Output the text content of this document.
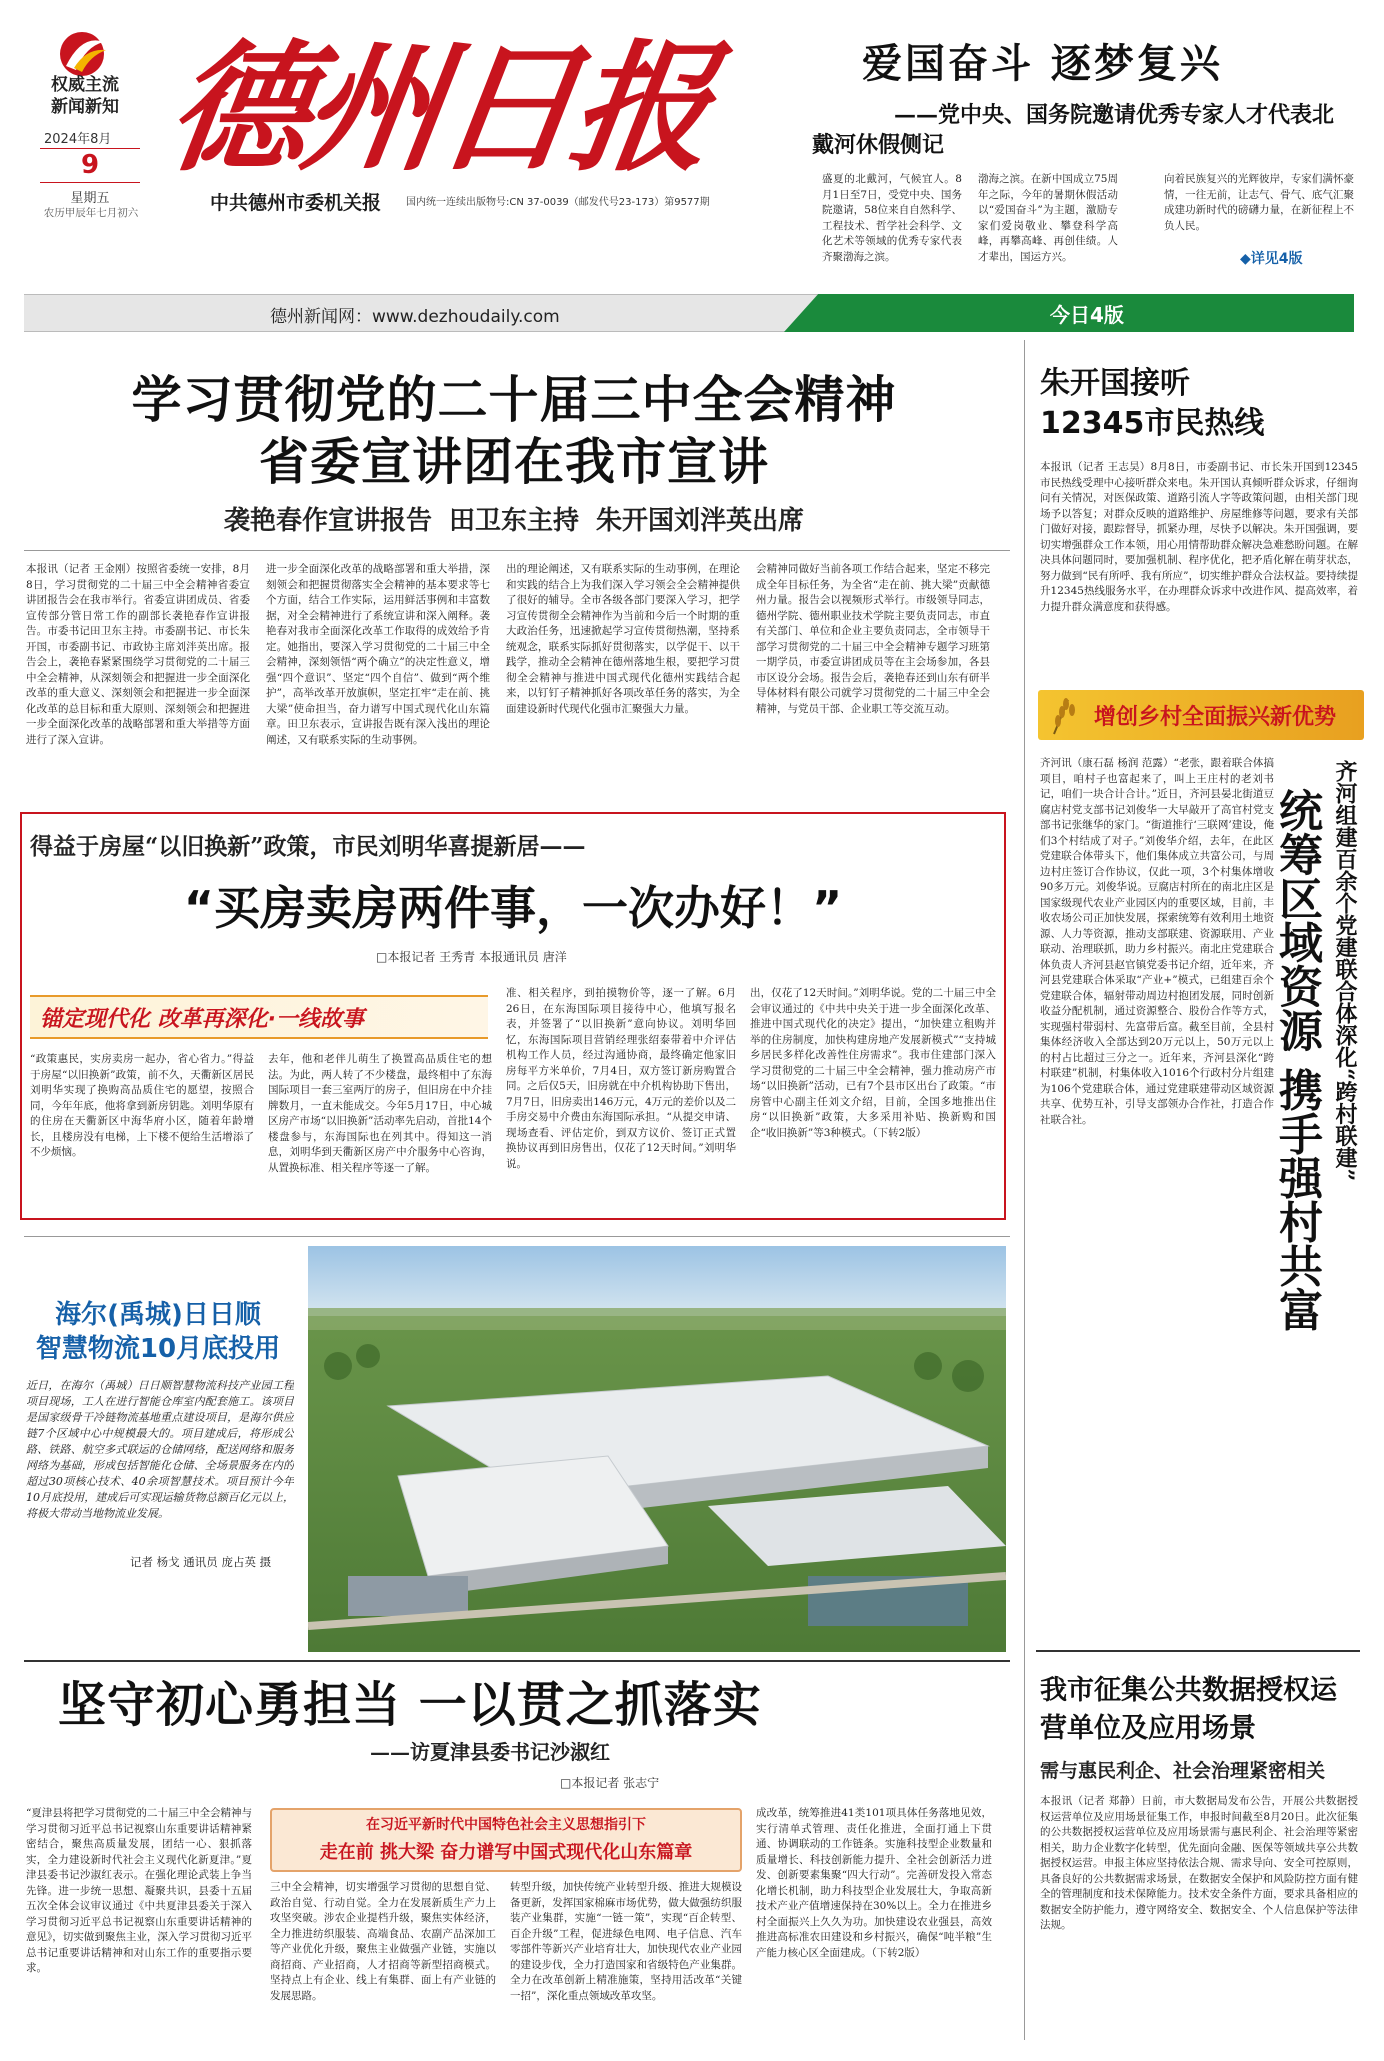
权威主流
新闻新知
2024年8月
9
星期五
农历甲辰年七月初六
德州日报
中共德州市委机关报 国内统一连续出版物号:CN 37-0039（邮发代号23-173）第9577期
爱国奋斗 逐梦复兴
——党中央、国务院邀请优秀专家人才代表北戴河休假侧记
盛夏的北戴河，气候宜人。8月1日至7日，受党中央、国务院邀请，58位来自自然科学、工程技术、哲学社会科学、文化艺术等领域的优秀专家代表齐聚渤海之滨。
渤海之滨。在新中国成立75周年之际，今年的暑期休假活动以“爱国奋斗”为主题，激励专家们爱岗敬业、攀登科学高峰，再攀高峰、再创佳绩。人才辈出，国运方兴。
向着民族复兴的光辉彼岸，专家们满怀豪情，一往无前，让志气、骨气、底气汇聚成建功新时代的磅礴力量，在新征程上不负人民。
◆详见4版
德州新闻网：www.dezhoudaily.com	今日4版
学习贯彻党的二十届三中全会精神
省委宣讲团在我市宣讲
袭艳春作宣讲报告 田卫东主持 朱开国刘泮英出席
本报讯（记者 王金刚）按照省委统一安排，8月8日，学习贯彻党的二十届三中全会精神省委宣讲团报告会在我市举行。省委宣讲团成员、省委宣传部分管日常工作的副部长袭艳春作宣讲报告。市委书记田卫东主持。市委副书记、市长朱开国，市委副书记、市政协主席刘泮英出席。报告会上，袭艳春紧紧围绕学习贯彻党的二十届三中全会精神，从深刻领会和把握进一步全面深化改革的重大意义、深刻领会和把握进一步全面深化改革的总目标和重大原则、深刻领会和把握进一步全面深化改革的战略部署和重大举措等方面进行了深入宣讲。
进一步全面深化改革的战略部署和重大举措，深刻领会和把握贯彻落实全会精神的基本要求等七个方面，结合工作实际，运用鲜活事例和丰富数据，对全会精神进行了系统宣讲和深入阐释。袭艳春对我市全面深化改革工作取得的成效给予肯定。她指出，要深入学习贯彻党的二十届三中全会精神，深刻领悟“两个确立”的决定性意义，增强“四个意识”、坚定“四个自信”、做到“两个维护”，高举改革开放旗帜，坚定扛牢“走在前、挑大梁”使命担当，奋力谱写中国式现代化山东篇章。田卫东表示，宣讲报告既有深入浅出的理论阐述，又有联系实际的生动事例。
出的理论阐述，又有联系实际的生动事例，在理论和实践的结合上为我们深入学习领会全会精神提供了很好的辅导。全市各级各部门要深入学习，把学习宣传贯彻全会精神作为当前和今后一个时期的重大政治任务，迅速掀起学习宣传贯彻热潮，坚持系统观念，联系实际抓好贯彻落实，以学促干、以干践学，推动全会精神在德州落地生根，要把学习贯彻全会精神与推进中国式现代化德州实践结合起来，以钉钉子精神抓好各项改革任务的落实，为全面建设新时代现代化强市汇聚强大力量。
会精神同做好当前各项工作结合起来，坚定不移完成全年目标任务，为全省“走在前、挑大梁”贡献德州力量。报告会以视频形式举行。市级领导同志，德州学院、德州职业技术学院主要负责同志，市直有关部门、单位和企业主要负责同志，全市领导干部学习贯彻党的二十届三中全会精神专题学习班第一期学员，市委宣讲团成员等在主会场参加，各县市区设分会场。报告会后，袭艳春还到山东有研半导体材料有限公司就学习贯彻党的二十届三中全会精神，与党员干部、企业职工等交流互动。
得益于房屋“以旧换新”政策，市民刘明华喜提新居——
“买房卖房两件事，一次办好！”
□本报记者 王秀青 本报通讯员 唐洋
锚定现代化 改革再深化·一线故事
“政策惠民，实房卖房一起办，省心省力。”得益于房屋“以旧换新”政策，前不久，天衢新区居民刘明华实现了换购高品质住宅的愿望，按照合同，今年年底，他将拿到新房钥匙。刘明华原有的住房在天衢新区中海华府小区，随着年龄增长，且楼房没有电梯，上下楼不便给生活增添了不少烦恼。
去年，他和老伴儿萌生了换置高品质住宅的想法。为此，两人转了不少楼盘，最终相中了东海国际项目一套三室两厅的房子，但旧房在中介挂牌数月，一直未能成交。今年5月17日，中心城区房产市场“以旧换新”活动率先启动，首批14个楼盘参与，东海国际也在列其中。得知这一消息，刘明华到天衢新区房产中介服务中心咨询，从置换标准、相关程序等逐一了解。
准、相关程序，到拍摸物价等，逐一了解。6月26日，在东海国际项目接待中心，他填写报名表，并签署了“以旧换新”意向协议。刘明华回忆，东海国际项目营销经理张绍泰带着中介评估机构工作人员，经过沟通协商，最终确定他家旧房每平方米单价，7月4日，双方签订新房购置合同。之后仅5天，旧房就在中介机构协助下售出，7月7日，旧房卖出146万元，4万元的差价以及二手房交易中介费由东海国际承担。“从提交申请、现场查看、评估定价，到双方议价、签订正式置换协议再到旧房售出，仅花了12天时间。”刘明华说。
出，仅花了12天时间。”刘明华说。党的二十届三中全会审议通过的《中共中央关于进一步全面深化改革、推进中国式现代化的决定》提出，“加快建立租购并举的住房制度，加快构建房地产发展新模式”“支持城乡居民多样化改善性住房需求”。我市住建部门深入学习贯彻党的二十届三中全会精神，强力推动房产市场“以旧换新”活动，已有7个县市区出台了政策。“市房管中心副主任刘文介绍，目前，全国多地推出住房“以旧换新”政策，大多采用补贴、换新购和国企“收旧换新”等3种模式。（下转2版）
海尔(禹城)日日顺
智慧物流10月底投用
近日，在海尔（禹城）日日顺智慧物流科技产业园工程项目现场，工人在进行智能仓库室内配套施工。该项目是国家级骨干冷链物流基地重点建设项目，是海尔供应链7个区域中心中规模最大的。项目建成后，将形成公路、铁路、航空多式联运的仓储网络，配送网络和服务网络为基础，形成包括智能化仓储、全场景服务在内的超过30项核心技术、40余项智慧技术。项目预计今年10月底投用，建成后可实现运输货物总额百亿元以上，将极大带动当地物流业发展。
记者 杨戈 通讯员 庞占英 摄
坚守初心勇担当 一以贯之抓落实
——访夏津县委书记沙淑红
□本报记者 张志宁
在习近平新时代中国特色社会主义思想指引下
走在前 挑大梁 奋力谱写中国式现代化山东篇章
“夏津县将把学习贯彻党的二十届三中全会精神与学习贯彻习近平总书记视察山东重要讲话精神紧密结合，聚焦高质量发展，团结一心、狠抓落实，全力建设新时代社会主义现代化新夏津。”夏津县委书记沙淑红表示。在强化理论武装上争当先锋。进一步统一思想、凝聚共识，县委十五届五次全体会议审议通过《中共夏津县委关于深入学习贯彻习近平总书记视察山东重要讲话精神的意见》，切实做到聚焦主业，深入学习贯彻习近平总书记重要讲话精神和对山东工作的重要指示要求。
三中全会精神，切实增强学习贯彻的思想自觉、政治自觉、行动自觉。全力在发展新质生产力上攻坚突破。涉农企业提档升级，聚焦实体经济，全力推进纺织服装、高端食品、农副产品深加工等产业优化升级，聚焦主业做强产业链，实施以商招商、产业招商，人才招商等新型招商模式。坚持点上有企业、线上有集群、面上有产业链的发展思路。
转型升级，加快传统产业转型升级、推进大规模设备更新，发挥国家棉麻市场优势，做大做强纺织服装产业集群，实施“一链一策”，实现“百企转型、百企升级”工程，促进绿色电网、电子信息、汽车零部件等新兴产业培育壮大，加快现代农业产业园的建设步伐，全力打造国家和省级特色产业集群。全力在改革创新上精准施策，坚持用活改革“关键一招”，深化重点领域改革攻坚。
成改革，统筹推进41类101项具体任务落地见效，实行清单式管理、责任化推进，全面打通上下贯通、协调联动的工作链条。实施科技型企业数量和质量增长、科技创新能力提升、全社会创新活力迸发、创新要素集聚“四大行动”。完善研发投入常态化增长机制，助力科技型企业发展壮大，争取高新技术产业产值增速保持在30%以上。全力在推进乡村全面振兴上久久为功。加快建设农业强县，高效推进高标准农田建设和乡村振兴，确保“吨半粮”生产能力核心区全面建成。（下转2版）
朱开国接听12345市民热线
本报讯（记者 王志昊）8月8日，市委副书记、市长朱开国到12345市民热线受理中心接听群众来电。朱开国认真倾听群众诉求，仔细询问有关情况，对医保政策、道路引流人字等政策问题，由相关部门现场予以答复；对群众反映的道路维护、房屋维修等问题，要求有关部门做好对接，跟踪督导，抓紧办理，尽快予以解决。朱开国强调，要切实增强群众工作本领，用心用情帮助群众解决急难愁盼问题。在解决具体问题同时，要加强机制、程序优化，把矛盾化解在萌芽状态，努力做到“民有所呼、我有所应”，切实维护群众合法权益。要持续提升12345热线服务水平，在办理群众诉求中改进作风、提高效率，着力提升群众满意度和获得感。
增创乡村全面振兴新优势
齐河讯（康石磊 杨润 范露）“老张，跟着联合体搞项目，咱村子也富起来了，叫上王庄村的老刘书记，咱们一块合计合计。”近日，齐河县晏北街道豆腐店村党支部书记刘俊华一大早敲开了高官村党支部书记张继华的家门。“街道推行‘三联网’建设，俺们3个村结成了对子。”刘俊华介绍，去年，在此区党建联合体带头下，他们集体成立共富公司，与周边村庄签订合作协议，仅此一项，3个村集体增收90多万元。刘俊华说。豆腐店村所在的南北庄区是国家级现代农业产业园区内的重要区域，目前，丰收农场公司正加快发展，探索统筹有效利用土地资源、人力等资源，推动支部联建、资源联用、产业联动、治理联抓，助力乡村振兴。南北庄党建联合体负责人齐河县赵官镇党委书记介绍，近年来，齐河县党建联合体采取“产业+”模式，已组建百余个党建联合体，辐射带动周边村抱团发展，同时创新收益分配机制，通过资源整合、股份合作等方式，实现强村带弱村、先富带后富。截至目前，全县村集体经济收入全部达到20万元以上，50万元以上的村占比超过三分之一。近年来，齐河县深化“跨村联建”机制，村集体收入1016个行政村分片组建为106个党建联合体，通过党建联建带动区域资源共享、优势互补，引导支部领办合作社，打造合作社联合社。	统筹区域资源 携手强村共富 齐河组建百余个党建联合体深化“跨村联建”
我市征集公共数据授权运营单位及应用场景
需与惠民利企、社会治理紧密相关
本报讯（记者 郑静）日前，市大数据局发布公告，开展公共数据授权运营单位及应用场景征集工作，申报时间截至8月20日。此次征集的公共数据授权运营单位及应用场景需与惠民利企、社会治理等紧密相关，助力企业数字化转型，优先面向金融、医保等领域共享公共数据授权运营。申报主体应坚持依法合规、需求导向、安全可控原则，具备良好的公共数据需求场景，在数据安全保护和风险防控方面有健全的管理制度和技术保障能力。技术安全条件方面，要求具备相应的数据安全防护能力，遵守网络安全、数据安全、个人信息保护等法律法规。
